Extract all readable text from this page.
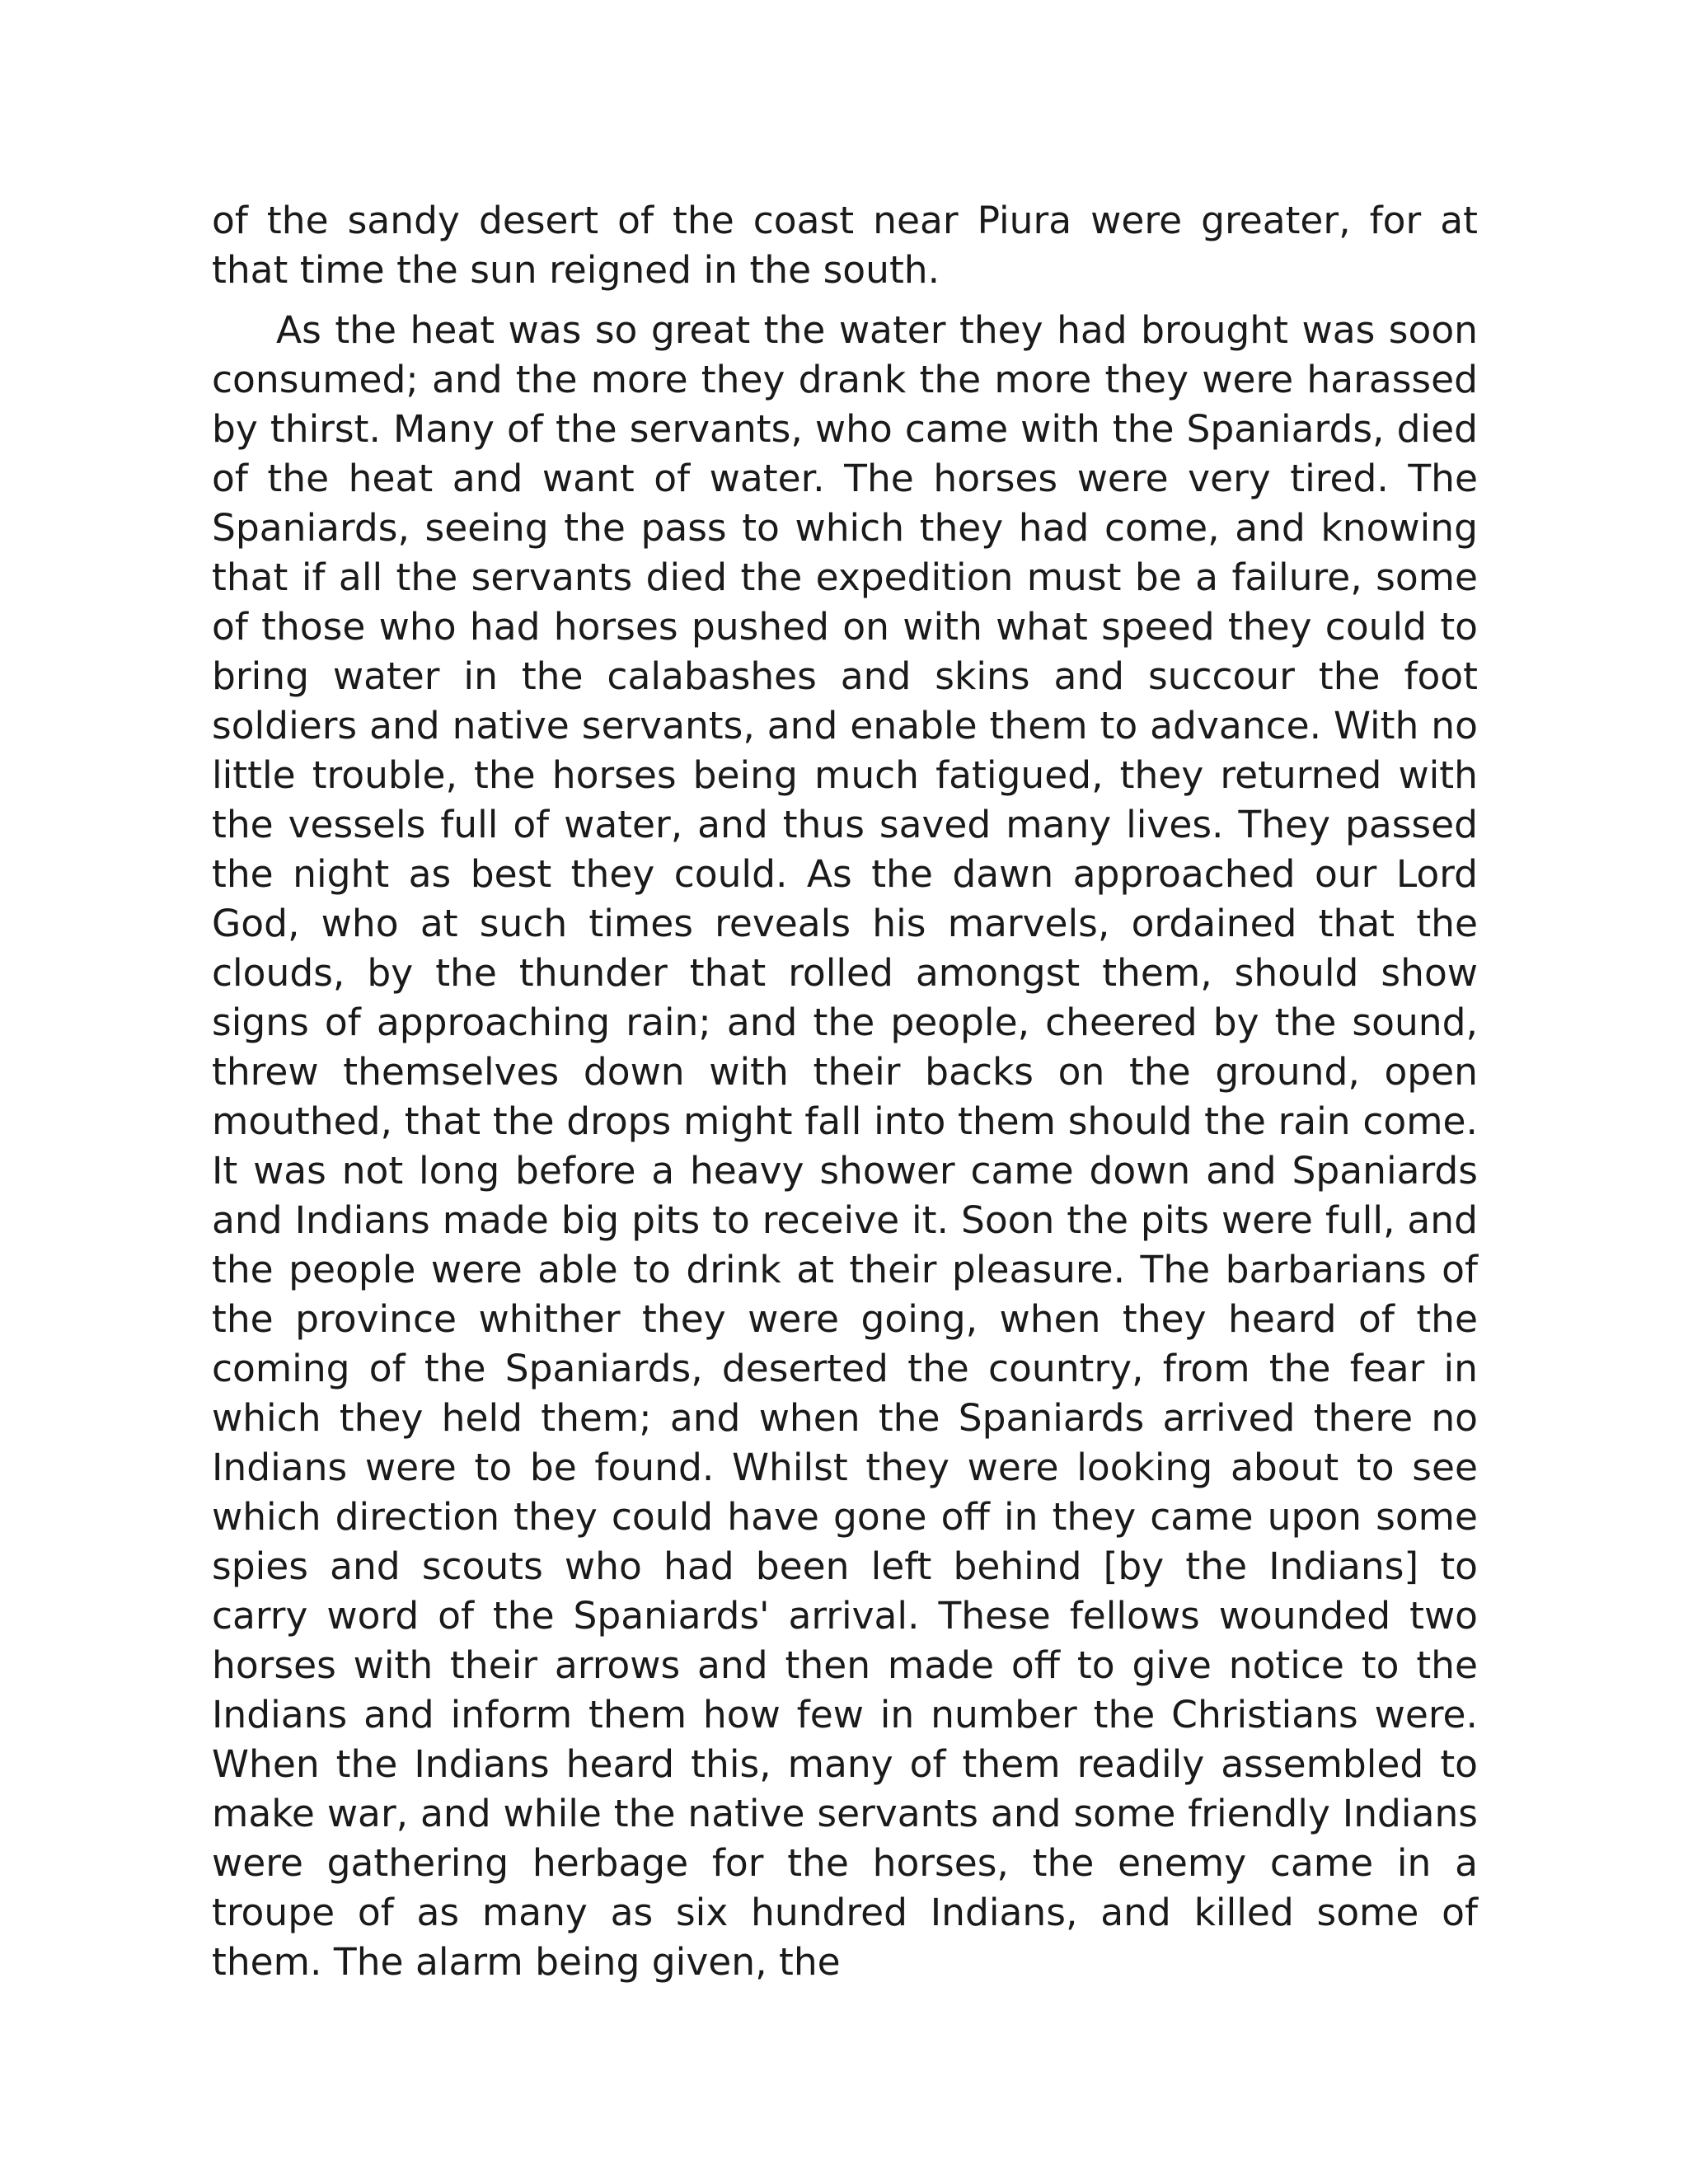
of the sandy desert of the coast near Piura were greater, for at that time the sun reigned in the south.

As the heat was so great the water they had brought was soon consumed; and the more they drank the more they were harassed by thirst. Many of the servants, who came with the Spaniards, died of the heat and want of water. The horses were very tired. The Spaniards, seeing the pass to which they had come, and knowing that if all the servants died the expedition must be a failure, some of those who had horses pushed on with what speed they could to bring water in the calabashes and skins and succour the foot soldiers and native servants, and enable them to advance. With no little trouble, the horses being much fatigued, they returned with the vessels full of water, and thus saved many lives. They passed the night as best they could. As the dawn approached our Lord God, who at such times reveals his marvels, ordained that the clouds, by the thunder that rolled amongst them, should show signs of approaching rain; and the people, cheered by the sound, threw themselves down with their backs on the ground, open mouthed, that the drops might fall into them should the rain come. It was not long before a heavy shower came down and Spaniards and Indians made big pits to receive it. Soon the pits were full, and the people were able to drink at their pleasure. The barbarians of the province whither they were going, when they heard of the coming of the Spaniards, deserted the country, from the fear in which they held them; and when the Spaniards arrived there no Indians were to be found. Whilst they were looking about to see which direction they could have gone off in they came upon some spies and scouts who had been left behind [by the Indians] to carry word of the Spaniards' arrival. These fellows wounded two horses with their arrows and then made off to give notice to the Indians and inform them how few in number the Christians were. When the Indians heard this, many of them readily assembled to make war, and while the native servants and some friendly Indians were gathering herbage for the horses, the enemy came in a troupe of as many as six hundred Indians, and killed some of them. The alarm being given, the
